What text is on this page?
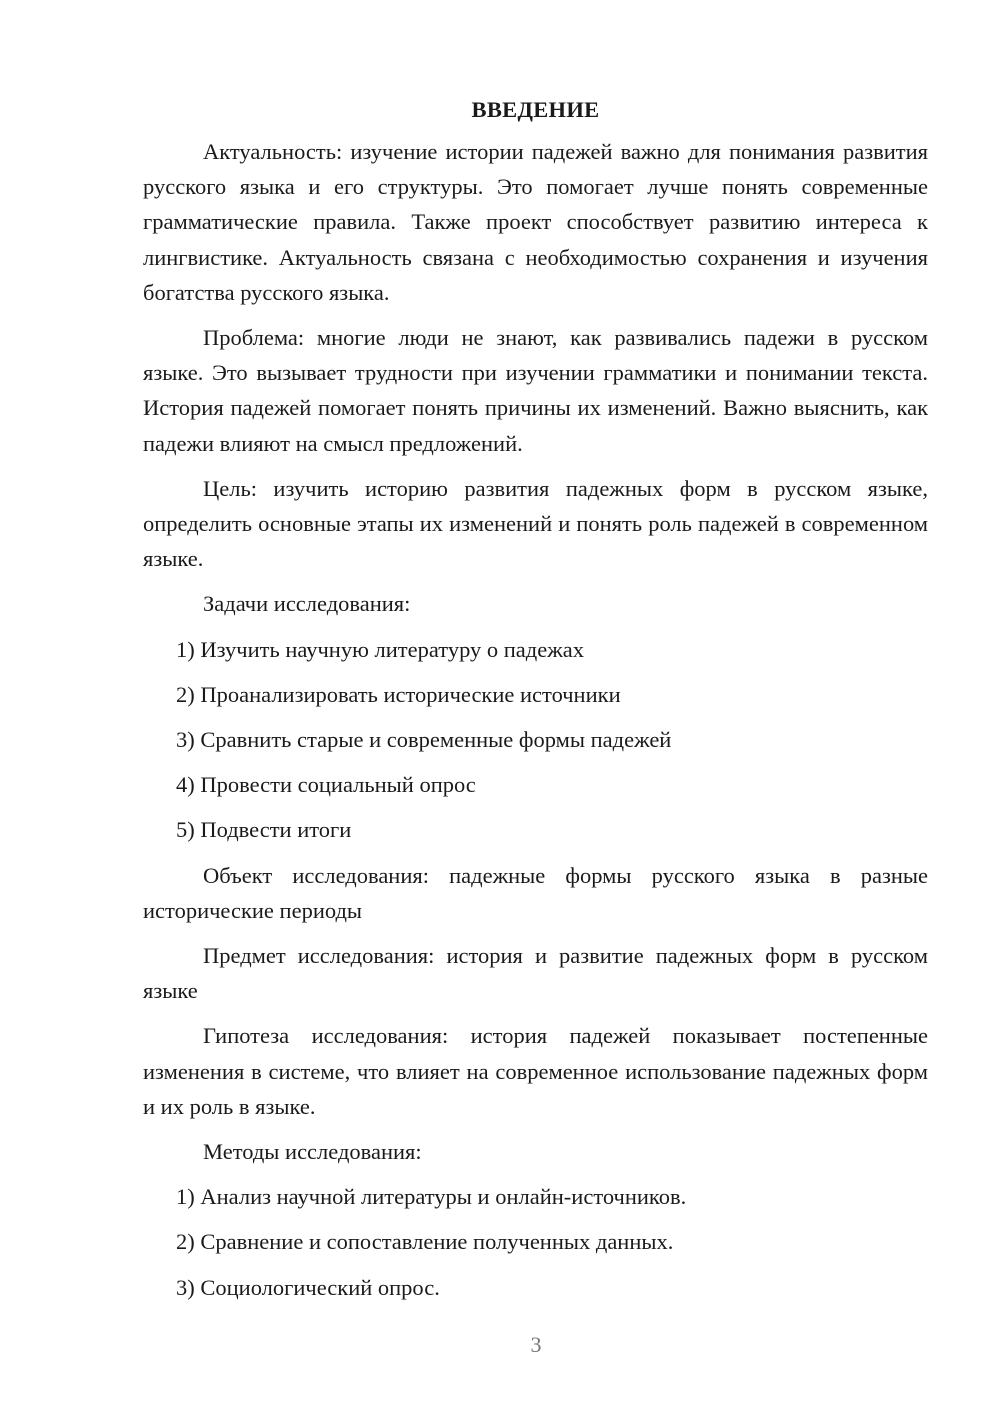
ВВЕДЕНИЕ

Актуальность: изучение истории падежей важно для понимания развития русского языка и его структуры. Это помогает лучше понять современные грамматические правила. Также проект способствует развитию интереса к лингвистике. Актуальность связана с необходимостью сохранения и изучения богатства русского языка.

Проблема: многие люди не знают, как развивались падежи в русском языке. Это вызывает трудности при изучении грамматики и понимании текста. История падежей помогает понять причины их изменений. Важно выяснить, как падежи влияют на смысл предложений.

Цель: изучить историю развития падежных форм в русском языке, определить основные этапы их изменений и понять роль падежей в современном языке.

Задачи исследования:

1) Изучить научную литературу о падежах

2) Проанализировать исторические источники

3) Сравнить старые и современные формы падежей

4) Провести социальный опрос

5) Подвести итоги

Объект исследования: падежные формы русского языка в разные исторические периоды

Предмет исследования: история и развитие падежных форм в русском языке

Гипотеза исследования: история падежей показывает постепенные изменения в системе, что влияет на современное использование падежных форм и их роль в языке.

Методы исследования:

1) Анализ научной литературы и онлайн-источников.

2) Сравнение и сопоставление полученных данных.

3) Социологический опрос.

3
